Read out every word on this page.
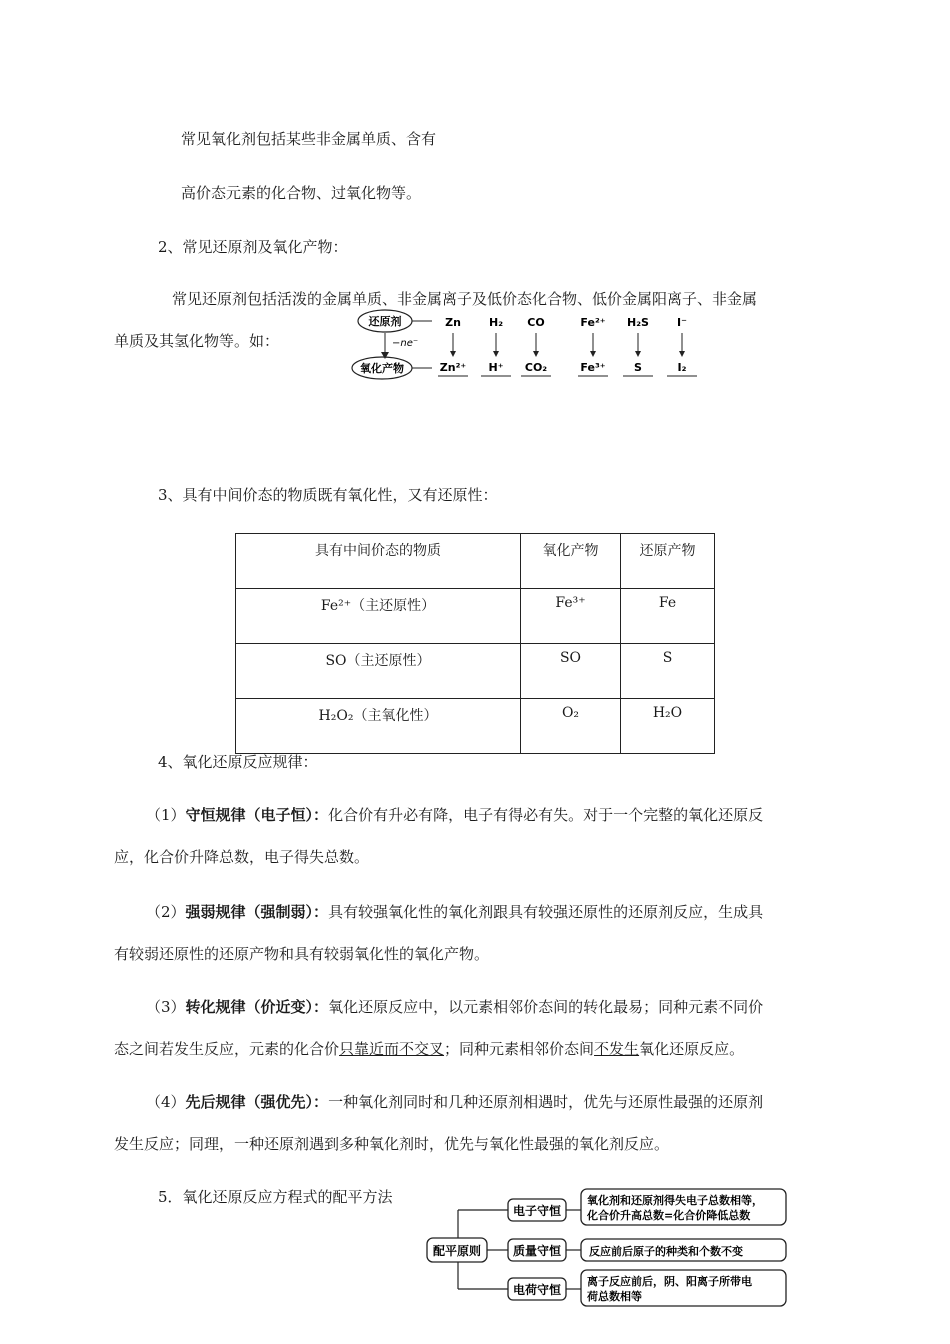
常见氧化剂包括某些非金属单质、含有
高价态元素的化合物、过氧化物等。
2、常见还原剂及氧化产物：
常见还原剂包括活泼的金属单质、非金属离子及低价态化合物、低价金属阳离子、非金属
单质及其氢化物等。如：
还原剂
−ne⁻
氧化产物
Zn
Zn²⁺
H₂
H⁺
CO
CO₂
Fe²⁺
Fe³⁺
H₂S
S
I⁻
I₂
3、具有中间价态的物质既有氧化性，又有还原性：
具有中间价态的物质	氧化产物	还原产物
Fe²⁺（主还原性）	Fe³⁺	Fe
SO（主还原性）	SO	S
H₂O₂（主氧化性）	O₂	H₂O
4、氧化还原反应规律：
（1）守恒规律（电子恒）：化合价有升必有降，电子有得必有失。对于一个完整的氧化还原反
应，化合价升降总数，电子得失总数。
（2）强弱规律（强制弱）：具有较强氧化性的氧化剂跟具有较强还原性的还原剂反应，生成具
有较弱还原性的还原产物和具有较弱氧化性的氧化产物。
（3）转化规律（价近变）：氧化还原反应中，以元素相邻价态间的转化最易；同种元素不同价
态之间若发生反应，元素的化合价只靠近而不交叉；同种元素相邻价态间不发生氧化还原反应。
（4）先后规律（强优先）：一种氧化剂同时和几种还原剂相遇时，优先与还原性最强的还原剂
发生反应；同理，一种还原剂遇到多种氧化剂时，优先与氧化性最强的氧化剂反应。
5．氧化还原反应方程式的配平方法
配平原则
电子守恒
氧化剂和还原剂得失电子总数相等，
化合价升高总数=化合价降低总数
质量守恒	反应前后原子的种类和个数不变
电荷守恒
离子反应前后，阴、阳离子所带电
荷总数相等
